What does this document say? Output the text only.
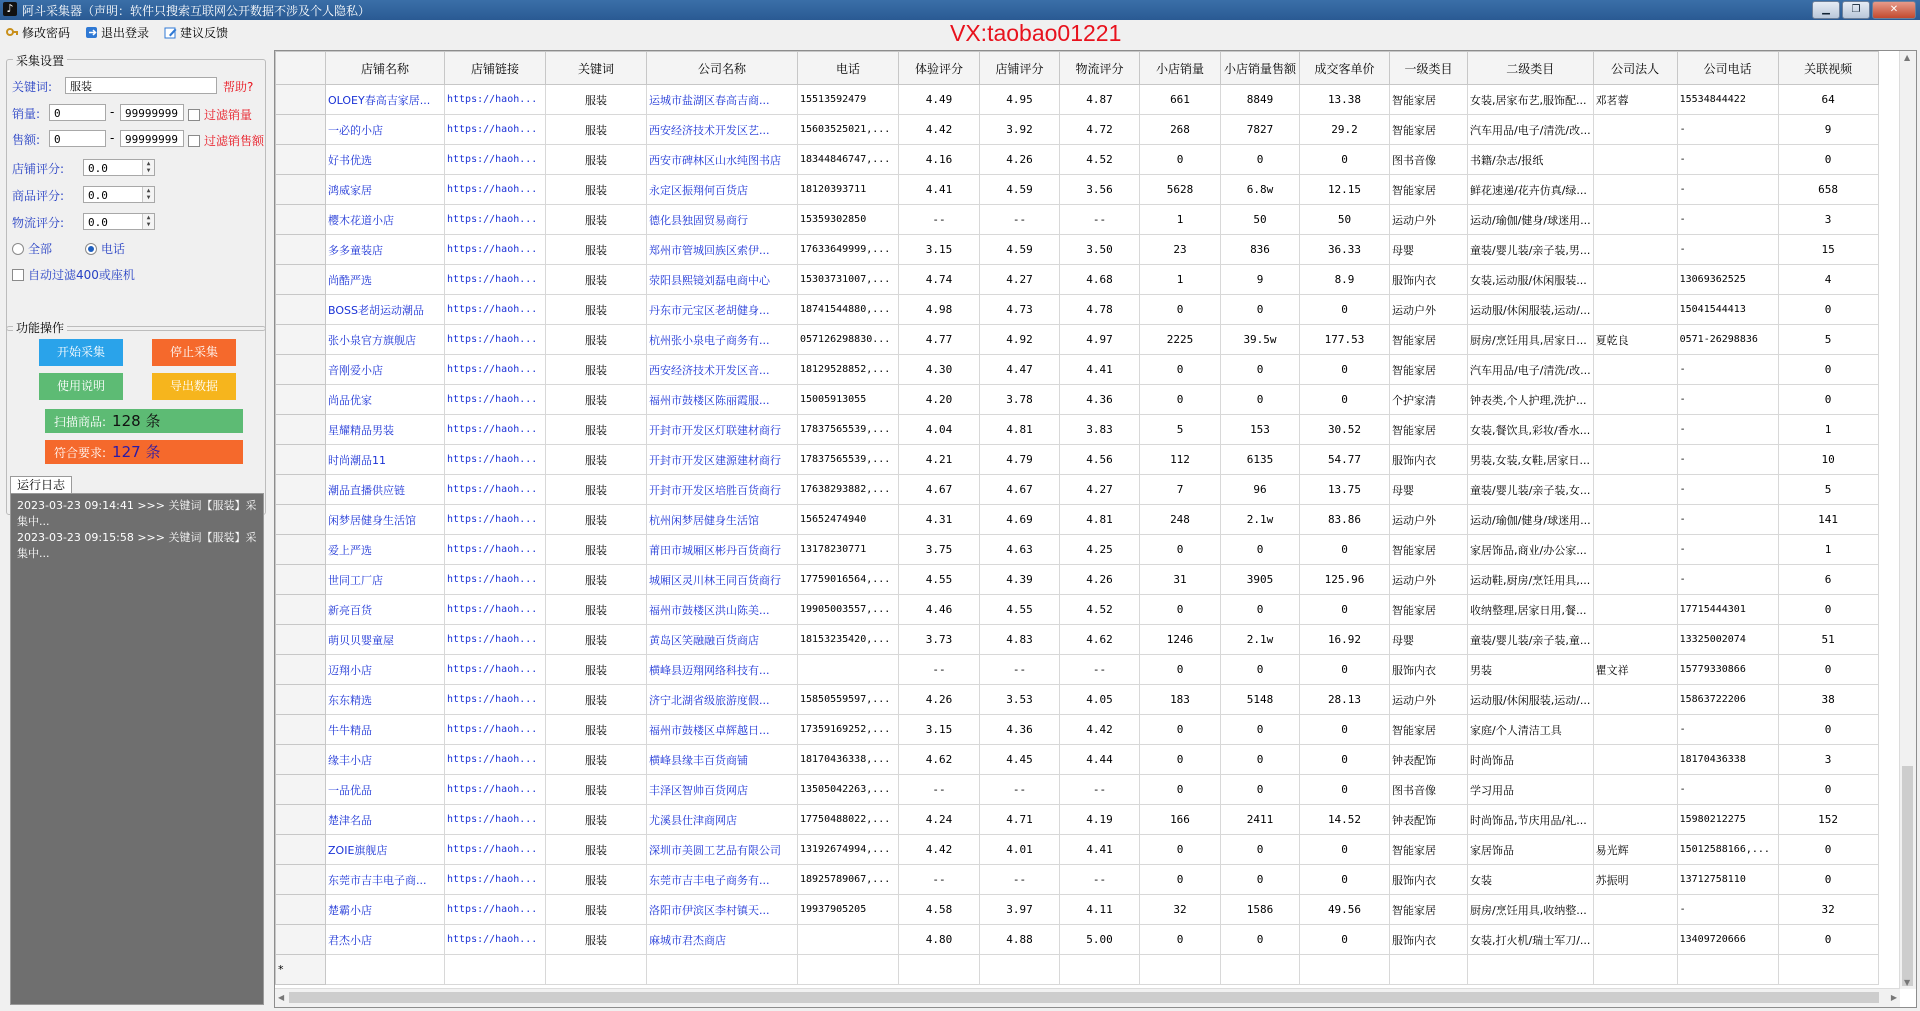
♪ 阿斗采集器（声明：软件只搜索互联网公开数据不涉及个人隐私）	▁	❐	✕
VX:taobao01221
修改密码	退出登录	建议反馈
采集设置
关键词:	服装	帮助?
销量:	0	- 99999999	过滤销量
售额:	0	- 99999999	过滤销售额
店铺评分:	0.0	▲
▼
商品评分:	0.0	▲
▼
物流评分:	0.0	▲
▼
全部	电话
自动过滤400或座机
功能操作
开始采集	停止采集
使用说明	导出数据
扫描商品: 128 条
符合要求: 127 条
运行日志
2023-03-23 09:14:41 >>> 关键词【服装】采集中...
2023-03-23 09:15:58 >>> 关键词【服装】采集中...
	店铺名称	店铺链接	关键词	公司名称	电话	体验评分	店铺评分	物流评分	小店销量	小店销量售额	成交客单价	一级类目	二级类目	公司法人	公司电话	关联视频
	OLOEY春高吉家居...	https://haoh...	服装	运城市盐湖区春高吉商...	15513592479	4.49	4.95	4.87	661	8849	13.38	智能家居	女装,居家布艺,服饰配...	邓茗蓉	15534844422	64
	一必的小店	https://haoh...	服装	西安经济技术开发区艺...	15603525021,...	4.42	3.92	4.72	268	7827	29.2	智能家居	汽车用品/电子/清洗/改...		-	9
	好书优选	https://haoh...	服装	西安市碑林区山水纯图书店	18344846747,...	4.16	4.26	4.52	0	0	0	图书音像	书籍/杂志/报纸		-	0
	鸿威家居	https://haoh...	服装	永定区振翔何百货店	18120393711	4.41	4.59	3.56	5628	6.8w	12.15	智能家居	鲜花速递/花卉仿真/绿...		-	658
	樱木花道小店	https://haoh...	服装	德化县独固贸易商行	15359302850	--	--	--	1	50	50	运动户外	运动/瑜伽/健身/球迷用...		-	3
	多多童装店	https://haoh...	服装	郑州市管城回族区索伊...	17633649999,...	3.15	4.59	3.50	23	836	36.33	母婴	童装/婴儿装/亲子装,男...		-	15
	尚酷严选	https://haoh...	服装	荥阳县熙镜刘磊电商中心	15303731007,...	4.74	4.27	4.68	1	9	8.9	服饰内衣	女装,运动服/休闲服装...		13069362525	4
	BOSS老胡运动潮品	https://haoh...	服装	丹东市元宝区老胡健身...	18741544880,...	4.98	4.73	4.78	0	0	0	运动户外	运动服/休闲服装,运动/...		15041544413	0
	张小泉官方旗舰店	https://haoh...	服装	杭州张小泉电子商务有...	057126298830...	4.77	4.92	4.97	2225	39.5w	177.53	智能家居	厨房/烹饪用具,居家日...	夏乾良	0571-26298836	5
	音刚爱小店	https://haoh...	服装	西安经济技术开发区音...	18129528852,...	4.30	4.47	4.41	0	0	0	智能家居	汽车用品/电子/清洗/改...		-	0
	尚品优家	https://haoh...	服装	福州市鼓楼区陈丽霞服...	15005913055	4.20	3.78	4.36	0	0	0	个护家清	钟表类,个人护理,洗护...		-	0
	星耀精品男装	https://haoh...	服装	开封市开发区灯联建材商行	17837565539,...	4.04	4.81	3.83	5	153	30.52	智能家居	女装,餐饮具,彩妆/香水...		-	1
	时尚潮品11	https://haoh...	服装	开封市开发区建源建材商行	17837565539,...	4.21	4.79	4.56	112	6135	54.77	服饰内衣	男装,女装,女鞋,居家日...		-	10
	潮品直播供应链	https://haoh...	服装	开封市开发区培胜百货商行	17638293882,...	4.67	4.67	4.27	7	96	13.75	母婴	童装/婴儿装/亲子装,女...		-	5
	闲梦居健身生活馆	https://haoh...	服装	杭州闲梦居健身生活馆	15652474940	4.31	4.69	4.81	248	2.1w	83.86	运动户外	运动/瑜伽/健身/球迷用...		-	141
	爱上严选	https://haoh...	服装	莆田市城厢区彬丹百货商行	13178230771	3.75	4.63	4.25	0	0	0	智能家居	家居饰品,商业/办公家...		-	1
	世同工厂店	https://haoh...	服装	城厢区灵川林王同百货商行	17759016564,...	4.55	4.39	4.26	31	3905	125.96	运动户外	运动鞋,厨房/烹饪用具,...		-	6
	新亮百货	https://haoh...	服装	福州市鼓楼区洪山陈美...	19905003557,...	4.46	4.55	4.52	0	0	0	智能家居	收纳整理,居家日用,餐...		17715444301	0
	萌贝贝婴童屋	https://haoh...	服装	黄岛区笑融融百货商店	18153235420,...	3.73	4.83	4.62	1246	2.1w	16.92	母婴	童装/婴儿装/亲子装,童...		13325002074	51
	迈翔小店	https://haoh...	服装	横峰县迈翔网络科技有...		--	--	--	0	0	0	服饰内衣	男装	瞿文祥	15779330866	0
	东东精选	https://haoh...	服装	济宁北湖省级旅游度假...	15850559597,...	4.26	3.53	4.05	183	5148	28.13	运动户外	运动服/休闲服装,运动/...		15863722206	38
	牛牛精品	https://haoh...	服装	福州市鼓楼区卓辉越日...	17359169252,...	3.15	4.36	4.42	0	0	0	智能家居	家庭/个人清洁工具		-	0
	缘丰小店	https://haoh...	服装	横峰县缘丰百货商铺	18170436338,...	4.62	4.45	4.44	0	0	0	钟表配饰	时尚饰品		18170436338	3
	一品优品	https://haoh...	服装	丰泽区智帅百货网店	13505042263,...	--	--	--	0	0	0	图书音像	学习用品		-	0
	楚津名品	https://haoh...	服装	尤溪县仕津商网店	17750488022,...	4.24	4.71	4.19	166	2411	14.52	钟表配饰	时尚饰品,节庆用品/礼...		15980212275	152
	ZOIE旗舰店	https://haoh...	服装	深圳市美圆工艺品有限公司	13192674994,...	4.42	4.01	4.41	0	0	0	智能家居	家居饰品	易光辉	15012588166,...	0
	东莞市吉丰电子商...	https://haoh...	服装	东莞市吉丰电子商务有...	18925789067,...	--	--	--	0	0	0	服饰内衣	女装	苏振明	13712758110	0
	楚霸小店	https://haoh...	服装	洛阳市伊滨区李村镇天...	19937905205	4.58	3.97	4.11	32	1586	49.56	智能家居	厨房/烹饪用具,收纳整...		-	32
	君杰小店	https://haoh...	服装	麻城市君杰商店		4.80	4.88	5.00	0	0	0	服饰内衣	女装,打火机/瑞士军刀/...		13409720666	0
*																
▲
▼
◀	▶
